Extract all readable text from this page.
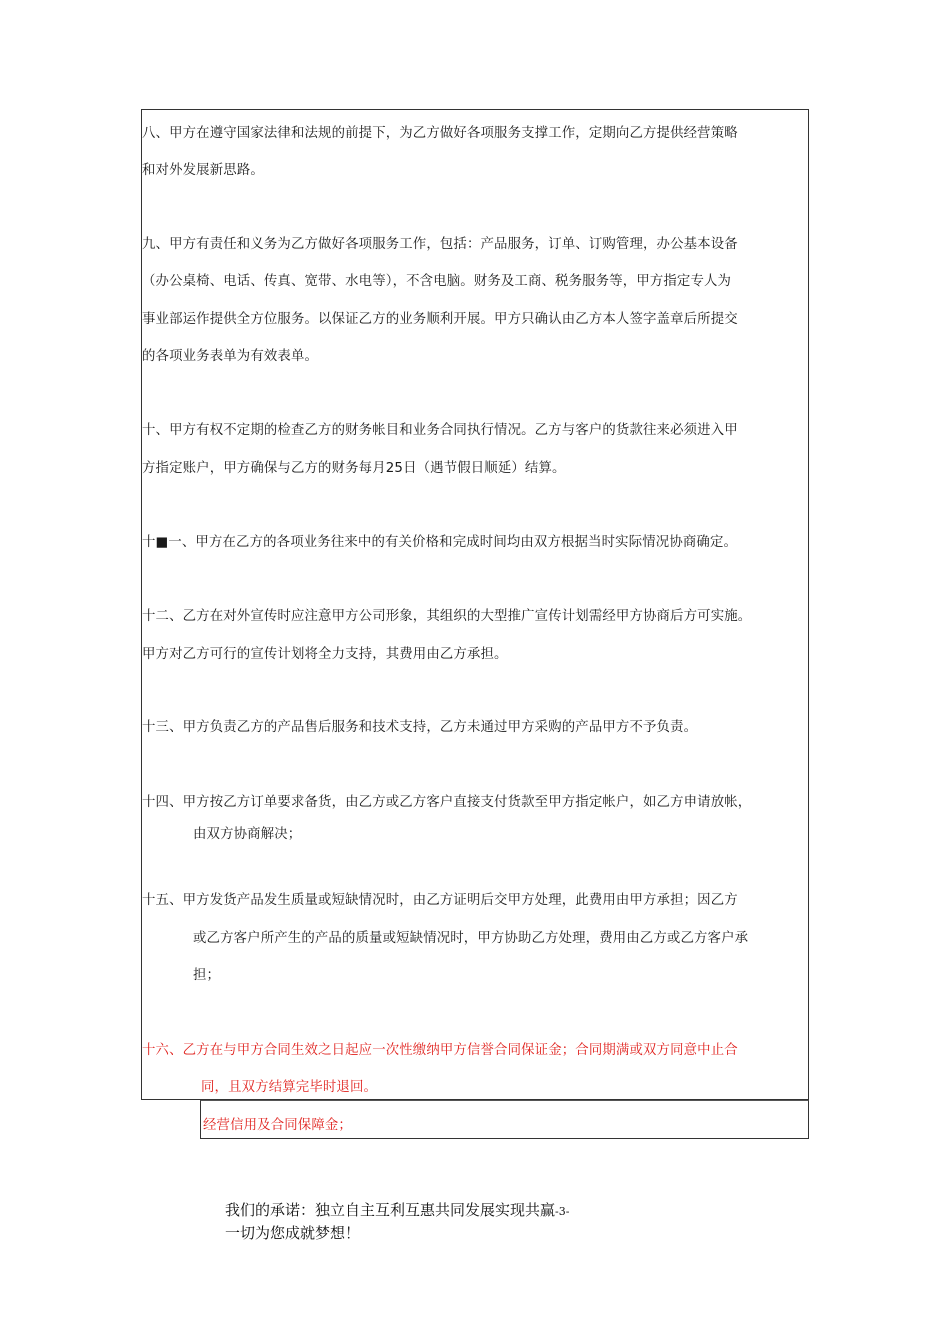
八、甲方在遵守国家法律和法规的前提下，为乙方做好各项服务支撑工作，定期向乙方提供经营策略
和对外发展新思路。
九、甲方有责任和义务为乙方做好各项服务工作，包括：产品服务，订单、订购管理，办公基本设备
（办公桌椅、电话、传真、宽带、水电等），不含电脑。财务及工商、税务服务等，甲方指定专人为
事业部运作提供全方位服务。以保证乙方的业务顺利开展。甲方只确认由乙方本人签字盖章后所提交
的各项业务表单为有效表单。
十、甲方有权不定期的检查乙方的财务帐目和业务合同执行情况。乙方与客户的货款往来必须进入甲
方指定账户，甲方确保与乙方的财务每月25日（遇节假日顺延）结算。
十■一、甲方在乙方的各项业务往来中的有关价格和完成时间均由双方根据当时实际情况协商确定。
十二、乙方在对外宣传时应注意甲方公司形象，其组织的大型推广宣传计划需经甲方协商后方可实施。
甲方对乙方可行的宣传计划将全力支持，其费用由乙方承担。
十三、甲方负责乙方的产品售后服务和技术支持，乙方未通过甲方采购的产品甲方不予负责。
十四、甲方按乙方订单要求备货，由乙方或乙方客户直接支付货款至甲方指定帐户，如乙方申请放帐，
由双方协商解决；
十五、甲方发货产品发生质量或短缺情况时，由乙方证明后交甲方处理，此费用由甲方承担；因乙方
或乙方客户所产生的产品的质量或短缺情况时，甲方协助乙方处理，费用由乙方或乙方客户承
担；
十六、乙方在与甲方合同生效之日起应一次性缴纳甲方信誉合同保证金；合同期满或双方同意中止合
同，且双方结算完毕时退回。
经营信用及合同保障金；
我们的承诺：独立自主互利互惠共同发展实现共赢-3-
一切为您成就梦想！
